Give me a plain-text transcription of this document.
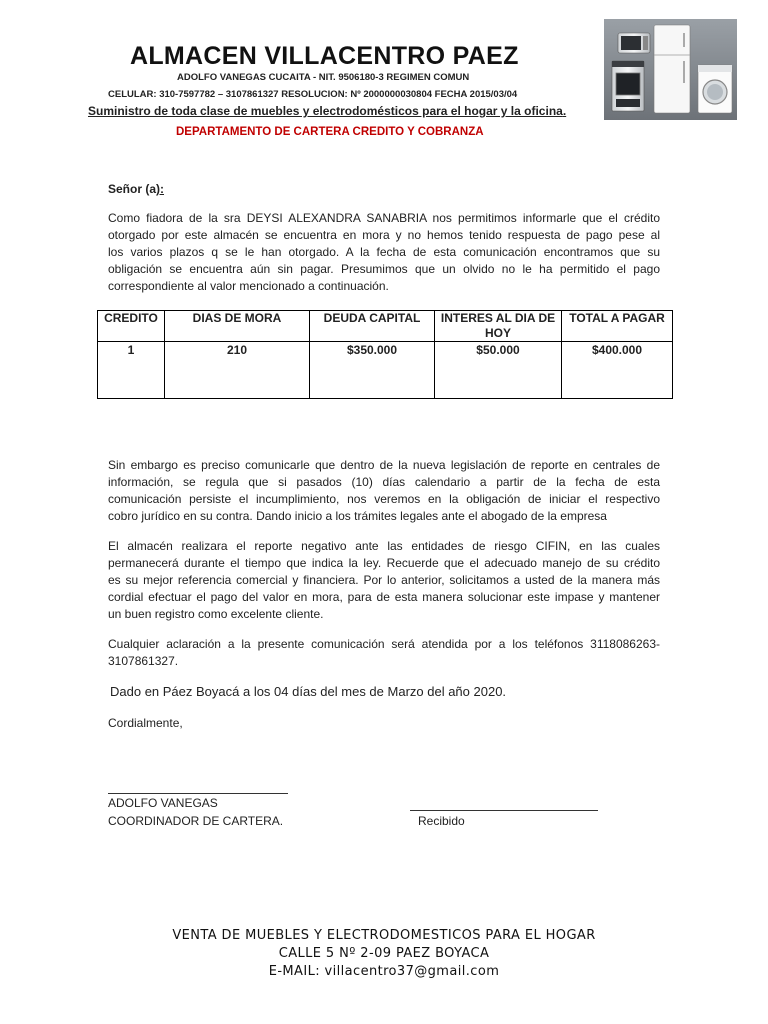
ALMACEN VILLACENTRO PAEZ
ADOLFO VANEGAS CUCAITA - NIT. 9506180-3 REGIMEN COMUN
CELULAR: 310-7597782 – 3107861327 RESOLUCION: Nº 2000000030804 FECHA 2015/03/04
Suministro de toda clase de muebles y electrodomésticos para el hogar y la oficina.
DEPARTAMENTO DE CARTERA CREDITO Y COBRANZA
Señor (a):
Como fiadora de la sra DEYSI ALEXANDRA SANABRIA nos permitimos informarle que el crédito
otorgado por este almacén se encuentra en mora y no hemos tenido respuesta de pago pese al
los varios plazos q se le han otorgado. A la fecha de esta comunicación encontramos que su
obligación se encuentra aún sin pagar. Presumimos que un olvido no le ha permitido el pago
correspondiente al valor mencionado a continuación.
CREDITO	DIAS DE MORA	DEUDA CAPITAL	INTERES AL DIA DE HOY	TOTAL A PAGAR
1	210	$350.000	$50.000	$400.000
Sin embargo es preciso comunicarle que dentro de la nueva legislación de reporte en centrales de
información, se regula que si pasados (10) días calendario a partir de la fecha de esta
comunicación persiste el incumplimiento, nos veremos en la obligación de iniciar el respectivo
cobro jurídico en su contra. Dando inicio a los trámites legales ante el abogado de la empresa
El almacén realizara el reporte negativo ante las entidades de riesgo CIFIN, en las cuales
permanecerá durante el tiempo que indica la ley. Recuerde que el adecuado manejo de su crédito
es su mejor referencia comercial y financiera. Por lo anterior, solicitamos a usted de la manera más
cordial efectuar el pago del valor en mora, para de esta manera solucionar este impase y mantener
un buen registro como excelente cliente.
Cualquier aclaración a la presente comunicación será atendida por a los teléfonos 3118086263-
3107861327.
Dado en Páez Boyacá a los 04 días del mes de Marzo del año 2020.
Cordialmente,
ADOLFO VANEGAS
COORDINADOR DE CARTERA.	Recibido
VENTA DE MUEBLES Y ELECTRODOMESTICOS PARA EL HOGAR
CALLE 5 Nº 2-09 PAEZ BOYACA
E-MAIL: villacentro37@gmail.com
